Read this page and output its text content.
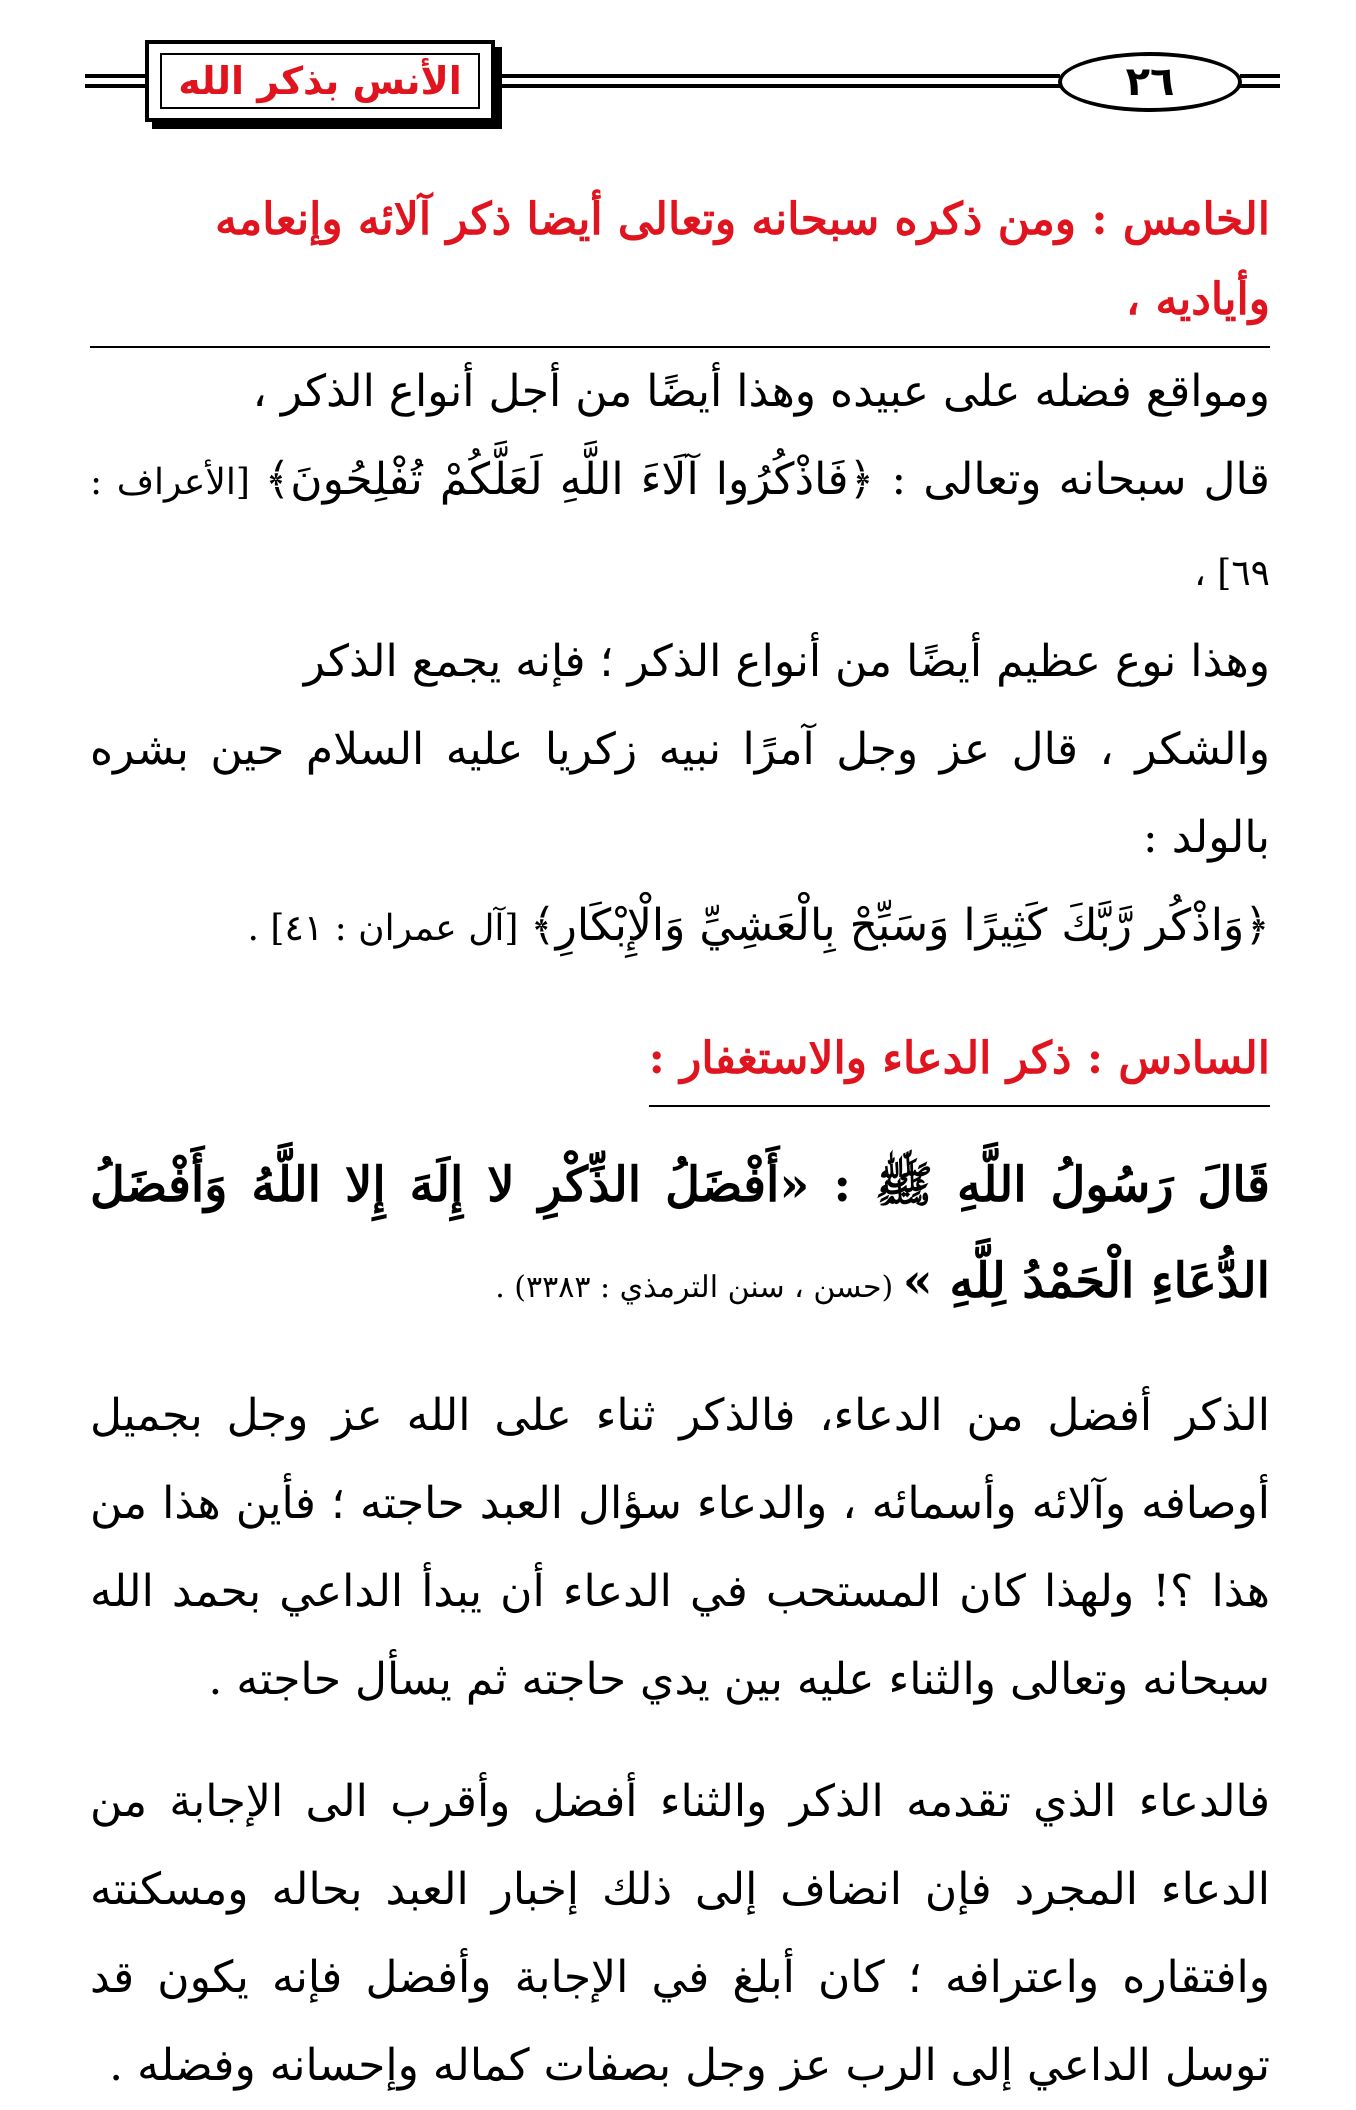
الأنس بذكر الله	٢٦
الخامس : ومن ذكره سبحانه وتعالى أيضا ذكر آلائه وإنعامه وأياديه ،

ومواقع فضله على عبيده وهذا أيضًا من أجل أنواع الذكر ،

قال سبحانه وتعالى : ﴿فَاذْكُرُوا آلَاءَ اللَّهِ لَعَلَّكُمْ تُفْلِحُونَ﴾ [الأعراف : ٦٩] ،

وهذا نوع عظيم أيضًا من أنواع الذكر ؛ فإنه يجمع الذكر

والشكر ، قال عز وجل آمرًا نبيه زكريا عليه السلام حين بشره بالولد :

﴿وَاذْكُر رَّبَّكَ كَثِيرًا وَسَبِّحْ بِالْعَشِيِّ وَالْإِبْكَارِ﴾ [آل عمران : ٤١] .

السادس : ذكر الدعاء والاستغفار :

قَالَ رَسُولُ اللَّهِ ﷺ : «أَفْضَلُ الذِّكْرِ لا إِلَهَ إِلا اللَّهُ وَأَفْضَلُ الدُّعَاءِ الْحَمْدُ لِلَّهِ » (حسن ، سنن الترمذي : ٣٣٨٣) .

الذكر أفضل من الدعاء، فالذكر ثناء على الله عز وجل بجميل أوصافه وآلائه وأسمائه ، والدعاء سؤال العبد حاجته ؛ فأين هذا من هذا ؟! ولهذا كان المستحب في الدعاء أن يبدأ الداعي بحمد الله سبحانه وتعالى والثناء عليه بين يدي حاجته ثم يسأل حاجته .

فالدعاء الذي تقدمه الذكر والثناء أفضل وأقرب الى الإجابة من الدعاء المجرد فإن انضاف إلى ذلك إخبار العبد بحاله ومسكنته وافتقاره واعترافه ؛ كان أبلغ في الإجابة وأفضل فإنه يكون قد توسل الداعي إلى الرب عز وجل بصفات كماله وإحسانه وفضله .
